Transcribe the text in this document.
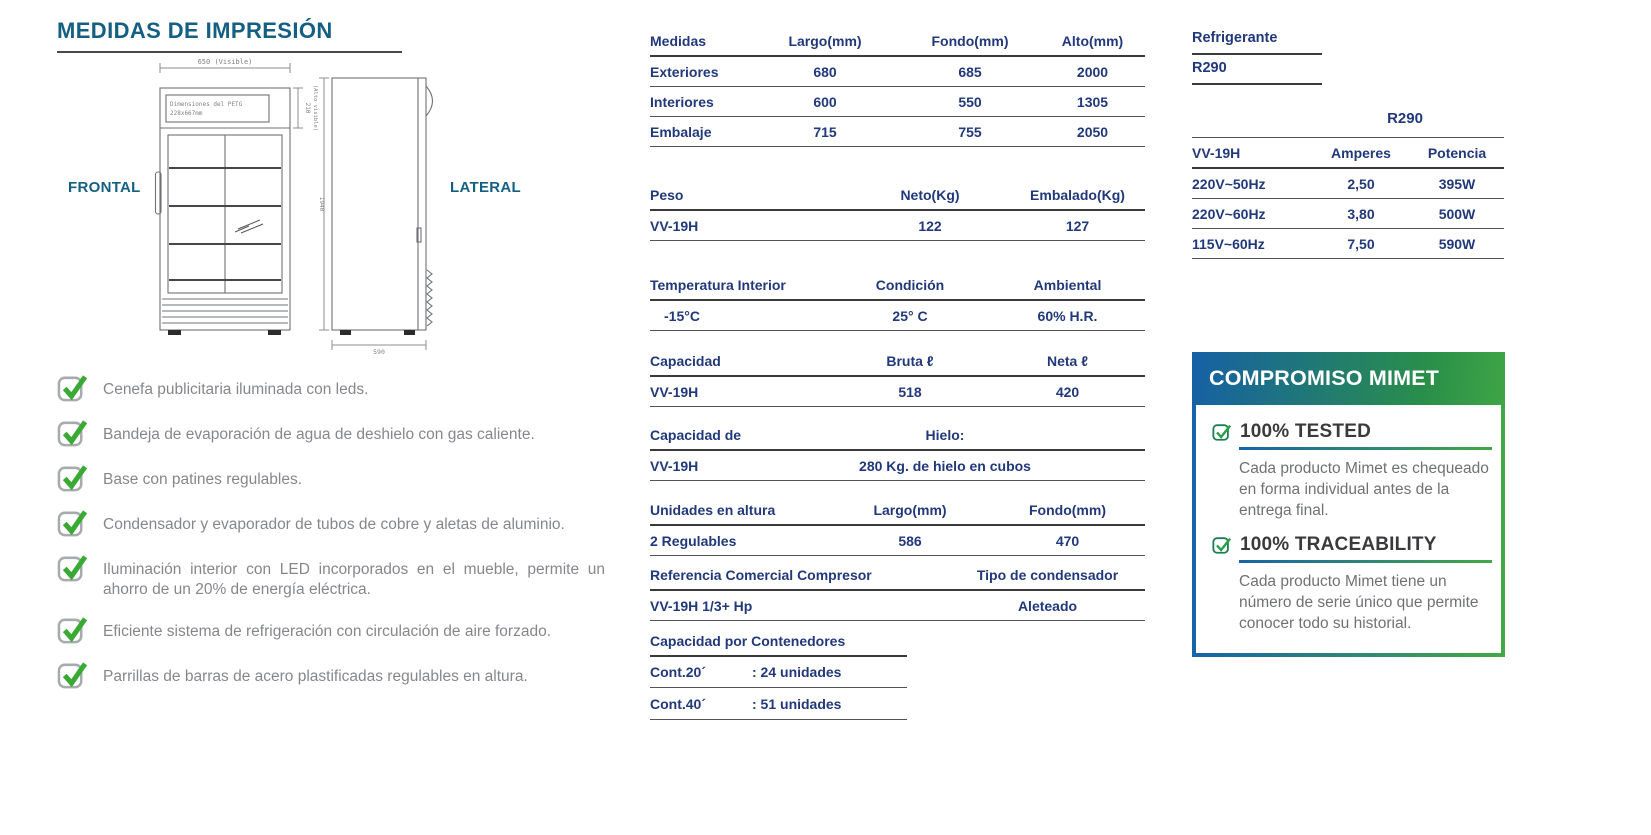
MEDIDAS DE IMPRESIÓN
650 (Visible)
Dimensiones del PETG
228x667mm
210 (Alto visible)
1940
590
FRONTAL	LATERAL
Cenefa publicitaria iluminada con leds.
Bandeja de evaporación de agua de deshielo con gas caliente.
Base con patines regulables.
Condensador y evaporador de tubos de cobre y aletas de aluminio.
Iluminación interior con LED incorporados en el mueble, permite un ahorro de un 20% de energía eléctrica.
Eficiente sistema de refrigeración con circulación de aire forzado.
Parrillas de barras de acero plastificadas regulables en altura.
Medidas	Largo(mm)	Fondo(mm)	Alto(mm)
Exteriores	680	685	2000
Interiores	600	550	1305
Embalaje	715	755	2050
Peso	Neto(Kg)	Embalado(Kg)
VV-19H	122	127
Temperatura Interior	Condición	Ambiental
-15°C	25° C	60% H.R.
Capacidad	Bruta ℓ	Neta ℓ
VV-19H	518	420
Capacidad de	Hielo:
VV-19H	280 Kg. de hielo en cubos
Unidades en altura	Largo(mm)	Fondo(mm)
2 Regulables	586	470
Referencia Comercial Compresor	Tipo de condensador
VV-19H 1/3+ Hp	Aleteado
Capacidad por Contenedores
Cont.20´	: 24 unidades
Cont.40´	: 51 unidades
Refrigerante
R290
R290
VV-19H	Amperes	Potencia
220V~50Hz	2,50	395W
220V~60Hz	3,80	500W
115V~60Hz	7,50	590W
COMPROMISO MIMET
100% TESTED
Cada producto Mimet es chequeado en forma individual antes de la entrega final.
100% TRACEABILITY
Cada producto Mimet tiene un número de serie único que permite conocer todo su historial.
